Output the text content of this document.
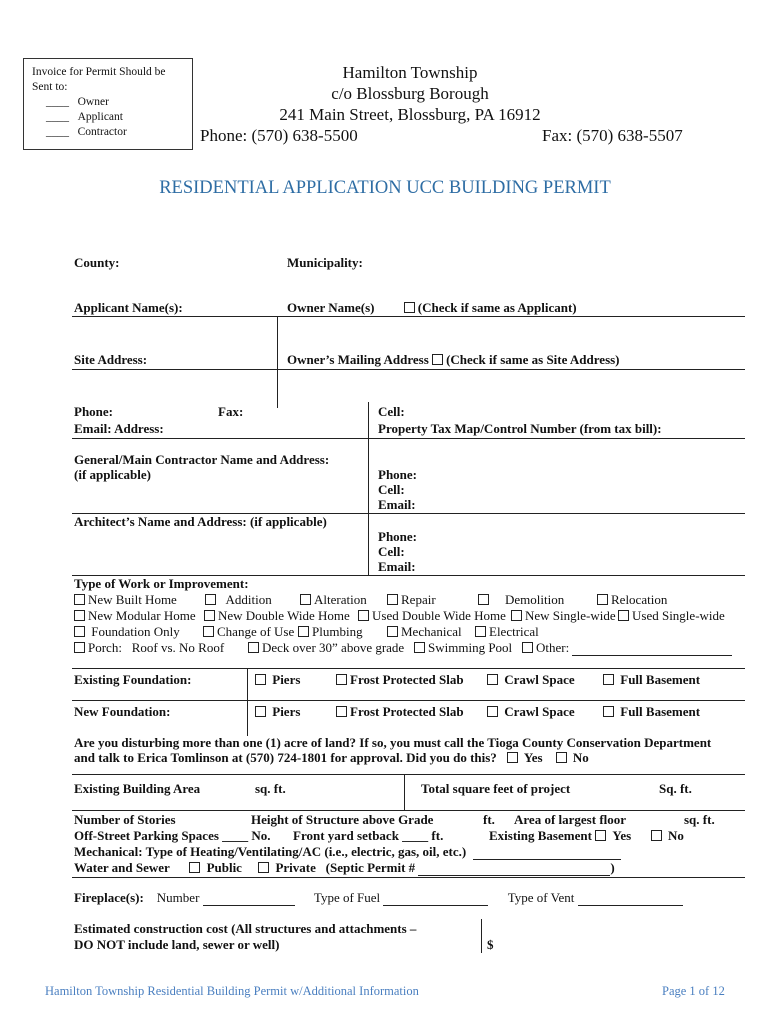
Invoice for Permit Should be
Sent to:
____ Owner
____ Applicant
____ Contractor
Hamilton Township
c/o Blossburg Borough
241 Main Street, Blossburg, PA 16912
Phone: (570) 638-5500	Fax: (570) 638-5507
RESIDENTIAL APPLICATION UCC BUILDING PERMIT
County:	Municipality:
Applicant Name(s):	Owner Name(s)	(Check if same as Applicant)
Site Address:	Owner’s Mailing Address (Check if same as Site Address)
Phone:	Fax:	Cell:
Email: Address:	Property Tax Map/Control Number (from tax bill):
General/Main Contractor Name and Address:
(if applicable)	Phone:
Cell:
Email:
Architect’s Name and Address: (if applicable)
Phone:
Cell:
Email:
Type of Work or Improvement:
New Built Home	Addition	Alteration	Repair	Demolition	Relocation
New Modular Home	New Double Wide Home	Used Double Wide Home	New Single-wide	Used Single-wide
Foundation Only	Change of Use	Plumbing	Mechanical	Electrical
Porch: Roof vs. No Roof	Deck over 30” above grade	Swimming Pool	Other:
Existing Foundation:	Piers	Frost Protected Slab	Crawl Space	Full Basement
New Foundation:	Piers	Frost Protected Slab	Crawl Space	Full Basement
Are you disturbing more than one (1) acre of land? If so, you must call the Tioga County Conservation Department
and talk to Erica Tomlinson at (570) 724-1801 for approval. Did you do this? Yes No
Existing Building Area	sq. ft.	Total square feet of project	Sq. ft.
Number of Stories	Height of Structure above Grade	ft. Area of largest floor	sq. ft.
Off-Street Parking Spaces ____ No. Front yard setback ____ ft.	Existing Basement Yes	No
Mechanical: Type of Heating/Ventilating/AC (i.e., electric, gas, oil, etc.)
Water and Sewer	Public	Private (Septic Permit #	)
Fireplace(s): Number	Type of Fuel	Type of Vent
Estimated construction cost (All structures and attachments –
DO NOT include land, sewer or well)	$
Hamilton Township Residential Building Permit w/Additional Information	Page 1 of 12
